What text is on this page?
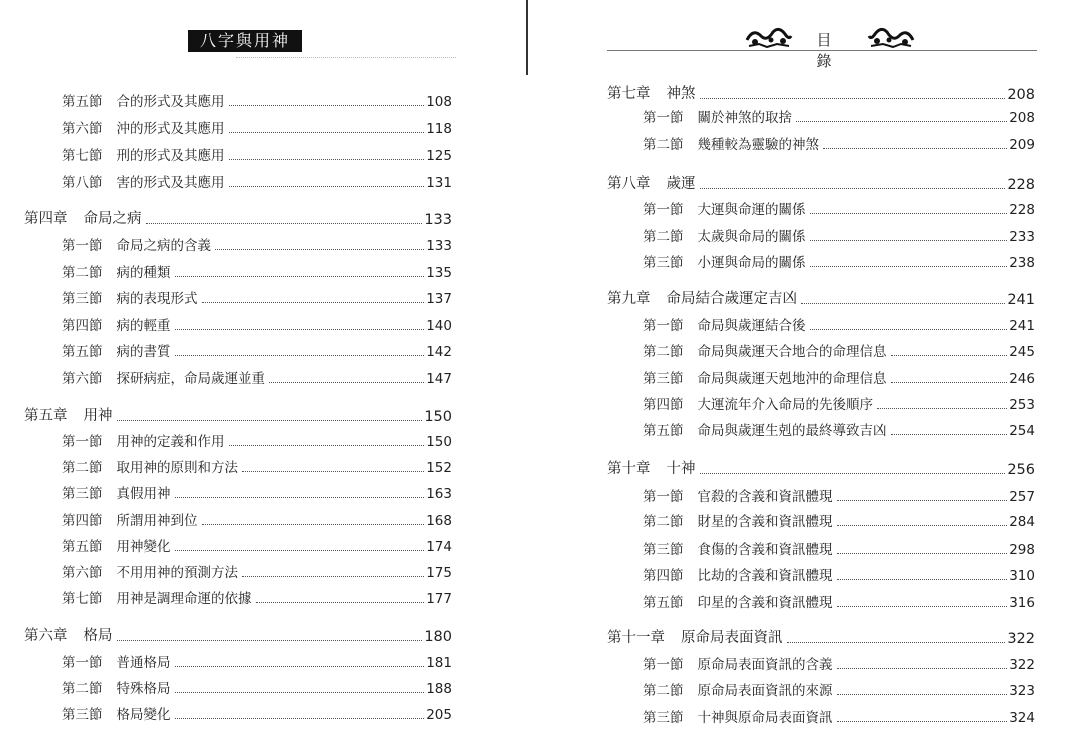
八字與用神
第五節 合的形式及其應用	108
第六節 沖的形式及其應用	118
第七節 刑的形式及其應用	125
第八節 害的形式及其應用	131
第四章 命局之病	133
第一節 命局之病的含義	133
第二節 病的種類	135
第三節 病的表現形式	137
第四節 病的輕重	140
第五節 病的書質	142
第六節 探研病症，命局歲運並重	147
第五章 用神	150
第一節 用神的定義和作用	150
第二節 取用神的原則和方法	152
第三節 真假用神	163
第四節 所謂用神到位	168
第五節 用神變化	174
第六節 不用用神的預測方法	175
第七節 用神是調理命運的依據	177
第六章 格局	180
第一節 普通格局	181
第二節 特殊格局	188
第三節 格局變化	205
目 錄
第七章 神煞	208
第一節 關於神煞的取捨	208
第二節 幾種較為靈驗的神煞	209
第八章 歲運	228
第一節 大運與命運的關係	228
第二節 太歲與命局的關係	233
第三節 小運與命局的關係	238
第九章 命局結合歲運定吉凶	241
第一節 命局與歲運結合後	241
第二節 命局與歲運天合地合的命理信息	245
第三節 命局與歲運天剋地沖的命理信息	246
第四節 大運流年介入命局的先後順序	253
第五節 命局與歲運生剋的最終導致吉凶	254
第十章 十神	256
第一節 官殺的含義和資訊體現	257
第二節 財星的含義和資訊體現	284
第三節 食傷的含義和資訊體現	298
第四節 比劫的含義和資訊體現	310
第五節 印星的含義和資訊體現	316
第十一章 原命局表面資訊	322
第一節 原命局表面資訊的含義	322
第二節 原命局表面資訊的來源	323
第三節 十神與原命局表面資訊	324
